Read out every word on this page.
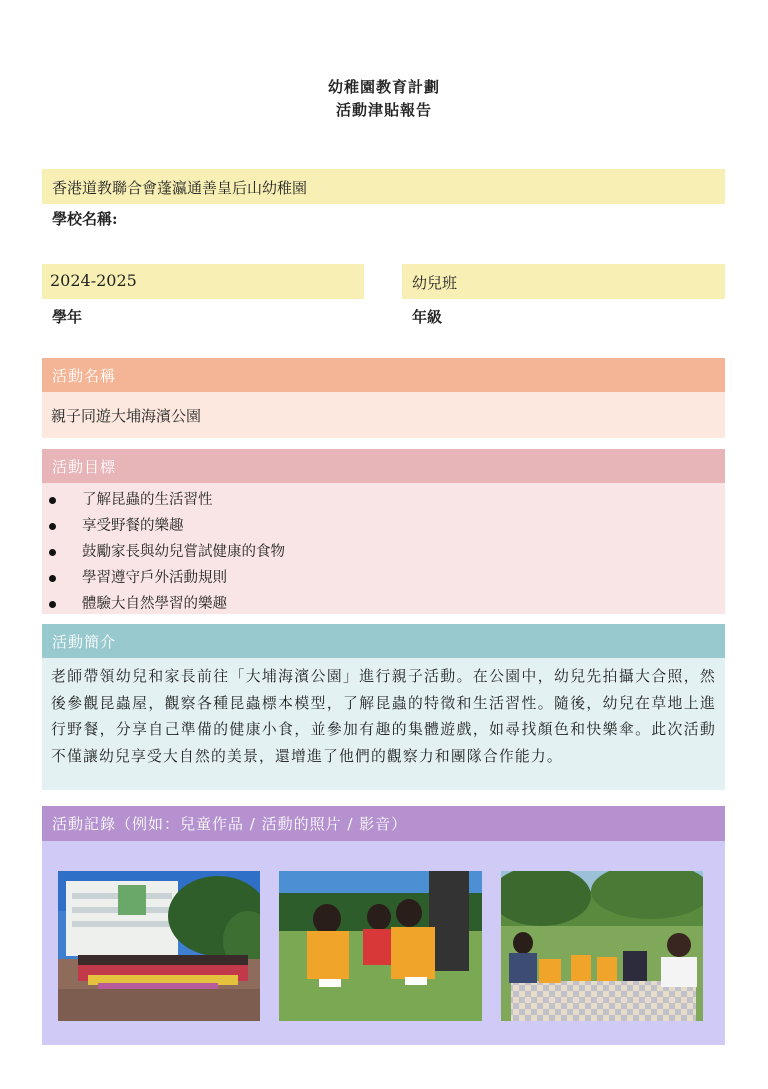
幼稚園教育計劃
活動津貼報告
香港道教聯合會蓬瀛通善皇后山幼稚園
學校名稱:
2024-2025	幼兒班
學年	年級
活動名稱
親子同遊大埔海濱公園
活動目標
了解昆蟲的生活習性
享受野餐的樂趣
鼓勵家長與幼兒嘗試健康的食物
學習遵守戶外活動規則
體驗大自然學習的樂趣
活動簡介
老師帶領幼兒和家長前往「大埔海濱公園」進行親子活動。在公園中，幼兒先拍攝大合照，然後參觀昆蟲屋，觀察各種昆蟲標本模型，了解昆蟲的特徵和生活習性。隨後，幼兒在草地上進行野餐，分享自己準備的健康小食，並參加有趣的集體遊戲，如尋找顏色和快樂傘。此次活動不僅讓幼兒享受大自然的美景，還增進了他們的觀察力和團隊合作能力。
活動記錄（例如：兒童作品 / 活動的照片 / 影音）
